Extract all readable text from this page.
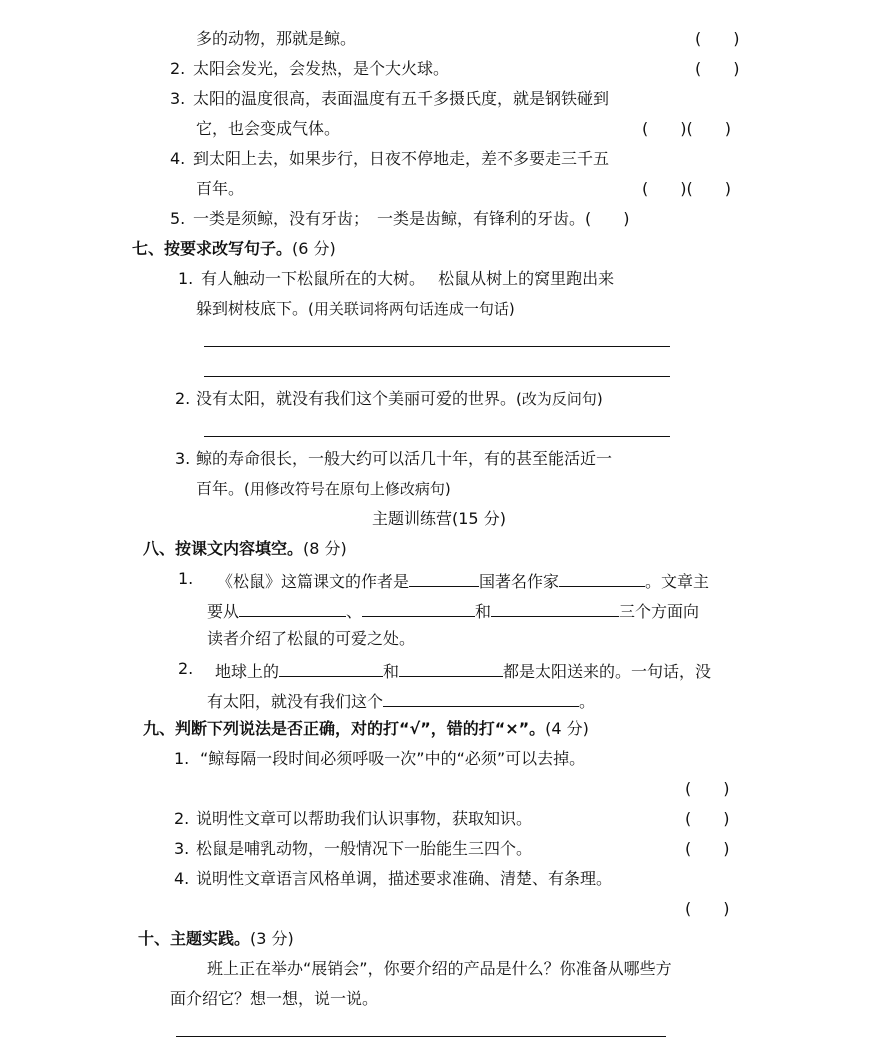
多的动物，那就是鲸。	(　　)
2. 太阳会发光，会发热，是个大火球。	(　　)
3. 太阳的温度很高，表面温度有五千多摄氏度，就是钢铁碰到
它，也会变成气体。	(　　)(　　)
4. 到太阳上去，如果步行，日夜不停地走，差不多要走三千五
百年。	(　　)(　　)
5. 一类是须鲸，没有牙齿；　一类是齿鲸，有锋利的牙齿。(　　)
七、按要求改写句子。(6 分)
1. 有人触动一下松鼠所在的大树。　 松鼠从树上的窝里跑出来
躲到树枝底下。(用关联词将两句话连成一句话)
2. 没有太阳，就没有我们这个美丽可爱的世界。(改为反问句)
3. 鲸的寿命很长，一般大约可以活几十年，有的甚至能活近一
百年。(用修改符号在原句上修改病句)
主题训练营(15 分)
八、按课文内容填空。(8 分)
1. 《松鼠》这篇课文的作者是	国著名作家	。文章主
要从	、	和	三个方面向
读者介绍了松鼠的可爱之处。
2. 地球上的	和	都是太阳送来的。一句话，没
有太阳，就没有我们这个	。
九、判断下列说法是否正确，对的打“√”，错的打“×”。(4 分)
1. “鲸每隔一段时间必须呼吸一次”中的“必须”可以去掉。
(　　)
2. 说明性文章可以帮助我们认识事物，获取知识。	(　　)
3. 松鼠是哺乳动物，一般情况下一胎能生三四个。	(　　)
4. 说明性文章语言风格单调，描述要求准确、清楚、有条理。
(　　)
十、主题实践。(3 分)
班上正在举办“展销会”，你要介绍的产品是什么？你准备从哪些方
面介绍它？想一想，说一说。
